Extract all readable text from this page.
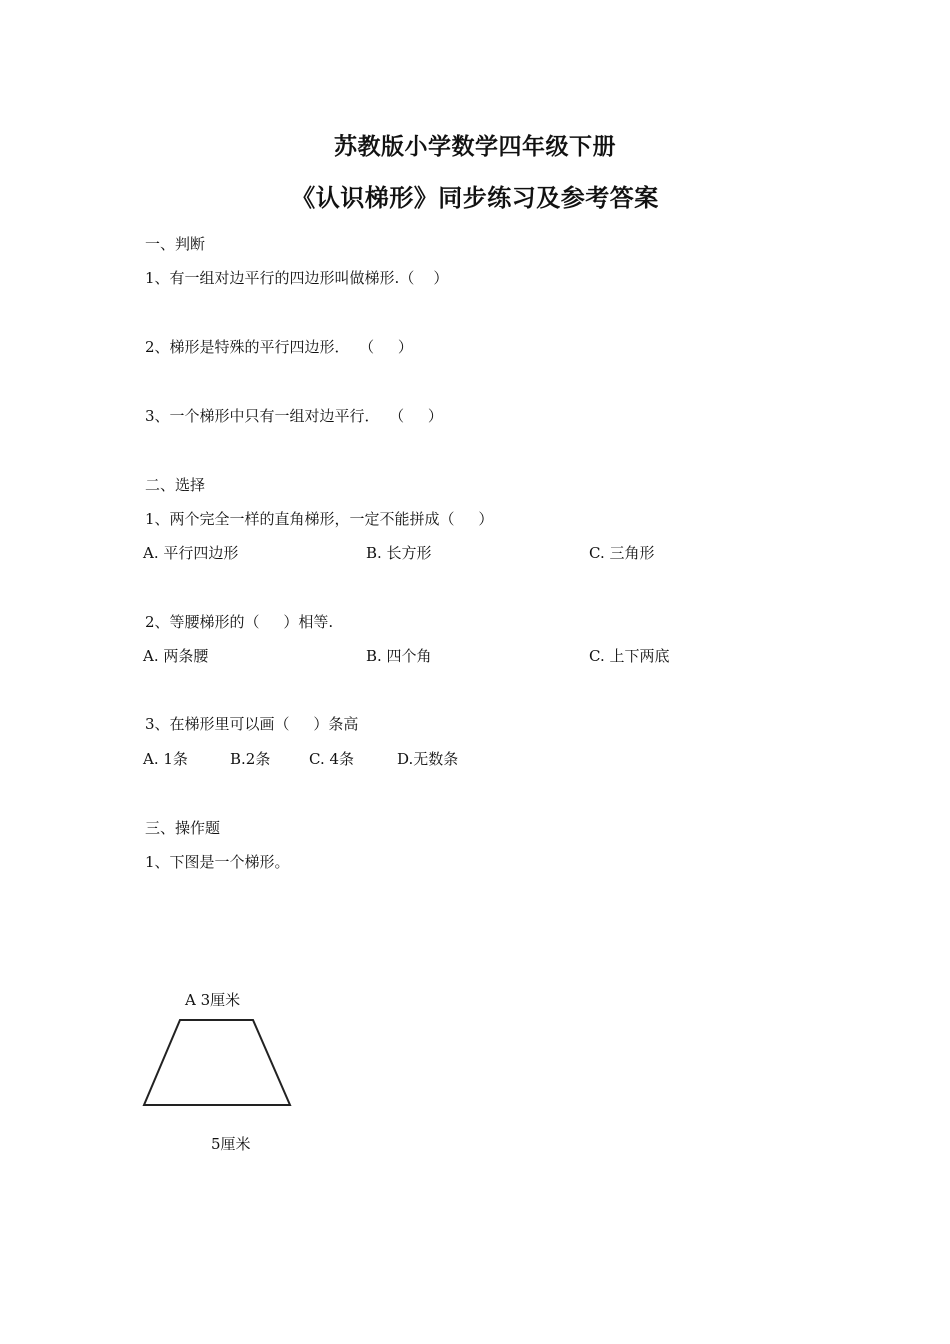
苏教版小学数学四年级下册
《认识梯形》同步练习及参考答案
一、判断
1、有一组对边平行的四边形叫做梯形.（    ）
2、梯形是特殊的平行四边形．  （     ）
3、一个梯形中只有一组对边平行．  （     ）
二、选择
1、两个完全一样的直角梯形，一定不能拼成（     ）
A. 平行四边形	B. 长方形	C. 三角形
2、等腰梯形的（     ）相等.
A. 两条腰	B. 四个角	C. 上下两底
3、在梯形里可以画（     ）条高
A. 1条	B.2条	C. 4条	D.无数条
三、操作题
1、下图是一个梯形。
A 3厘米
5厘米
